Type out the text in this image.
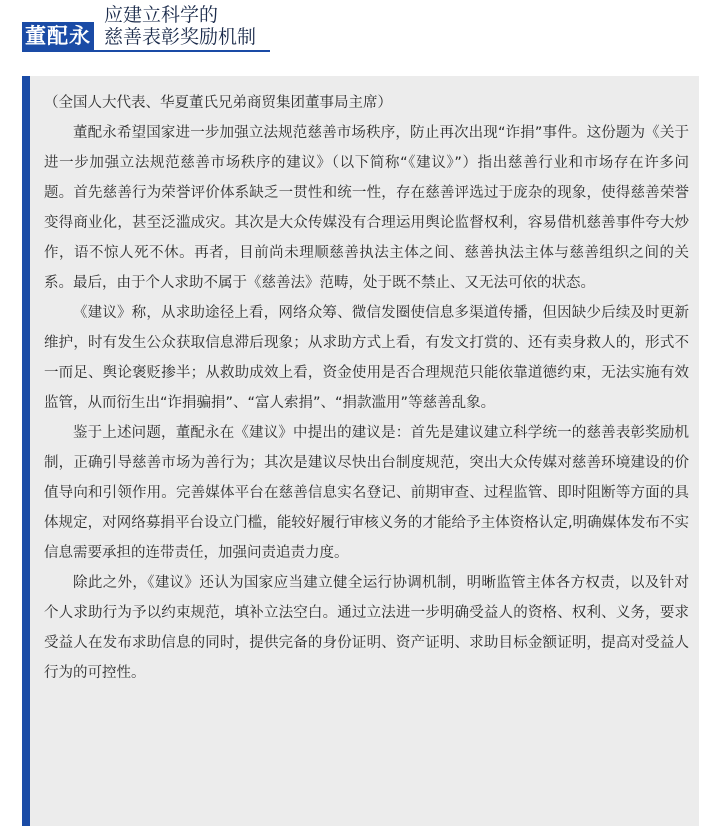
董配永
应建立科学的
慈善表彰奖励机制

（全国人大代表、华夏董氏兄弟商贸集团董事局主席）

董配永希望国家进一步加强立法规范慈善市场秩序，防止再次出现“诈捐”事件。这份题为《关于进一步加强立法规范慈善市场秩序的建议》（以下简称“《建议》”）指出慈善行业和市场存在许多问题。首先慈善行为荣誉评价体系缺乏一贯性和统一性，存在慈善评选过于庞杂的现象，使得慈善荣誉变得商业化，甚至泛滥成灾。其次是大众传媒没有合理运用舆论监督权利，容易借机慈善事件夸大炒作，语不惊人死不休。再者，目前尚未理顺慈善执法主体之间、慈善执法主体与慈善组织之间的关系。最后，由于个人求助不属于《慈善法》范畴，处于既不禁止、又无法可依的状态。

《建议》称，从求助途径上看，网络众筹、微信发圈使信息多渠道传播，但因缺少后续及时更新维护，时有发生公众获取信息滞后现象；从求助方式上看，有发文打赏的、还有卖身救人的，形式不一而足、舆论褒贬掺半；从救助成效上看，资金使用是否合理规范只能依靠道德约束，无法实施有效监管，从而衍生出“诈捐骗捐”、“富人索捐”、“捐款滥用”等慈善乱象。

鉴于上述问题，董配永在《建议》中提出的建议是：首先是建议建立科学统一的慈善表彰奖励机制，正确引导慈善市场为善行为；其次是建议尽快出台制度规范，突出大众传媒对慈善环境建设的价值导向和引领作用。完善媒体平台在慈善信息实名登记、前期审查、过程监管、即时阻断等方面的具体规定，对网络募捐平台设立门槛，能较好履行审核义务的才能给予主体资格认定,明确媒体发布不实信息需要承担的连带责任，加强问责追责力度。

除此之外，《建议》还认为国家应当建立健全运行协调机制，明晰监管主体各方权责，以及针对个人求助行为予以约束规范，填补立法空白。通过立法进一步明确受益人的资格、权利、义务，要求受益人在发布求助信息的同时，提供完备的身份证明、资产证明、求助目标金额证明，提高对受益人行为的可控性。
